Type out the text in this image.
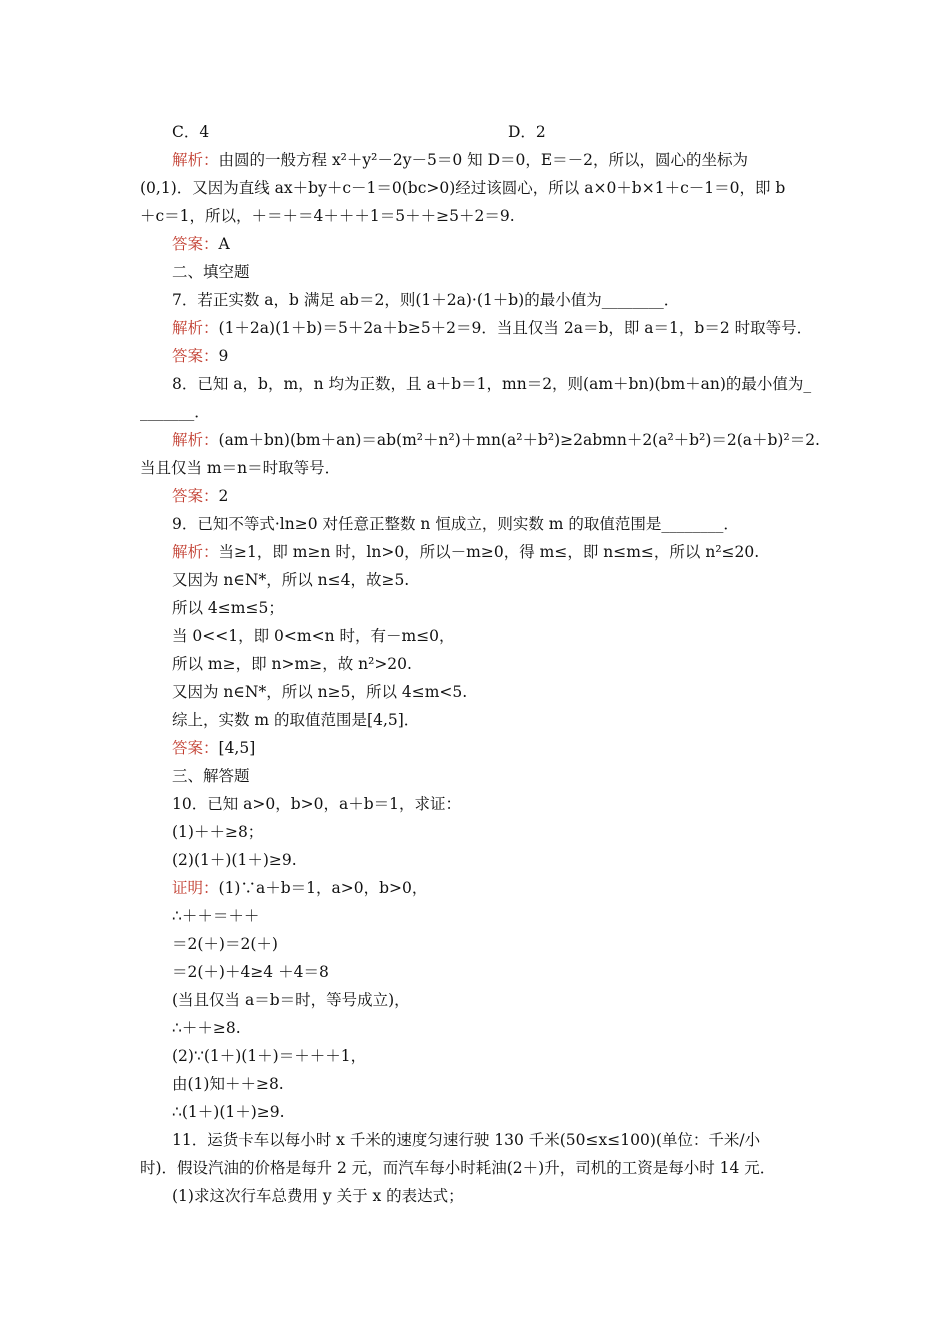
C．4	D．2
解析：由圆的一般方程 x²＋y²－2y－5＝0 知 D＝0，E＝－2，所以，圆心的坐标为
(0,1)．又因为直线 ax＋by＋c－1＝0(bc>0)经过该圆心，所以 a×0＋b×1＋c－1＝0，即 b
＋c＝1，所以，＋＝＋＝4＋＋＋1＝5＋＋≥5＋2＝9.
答案：A
二、填空题
7．若正实数 a，b 满足 ab＝2，则(1＋2a)·(1＋b)的最小值为________．
解析：(1＋2a)(1＋b)＝5＋2a＋b≥5＋2＝9．当且仅当 2a＝b，即 a＝1，b＝2 时取等号．
答案：9
8．已知 a，b，m，n 均为正数，且 a＋b＝1，mn＝2，则(am＋bn)(bm＋an)的最小值为_
_______．
解析：(am＋bn)(bm＋an)＝ab(m²＋n²)＋mn(a²＋b²)≥2abmn＋2(a²＋b²)＝2(a＋b)²＝2.
当且仅当 m＝n＝时取等号．
答案：2
9．已知不等式·ln≥0 对任意正整数 n 恒成立，则实数 m 的取值范围是________．
解析：当≥1，即 m≥n 时，ln>0，所以－m≥0，得 m≤，即 n≤m≤，所以 n²≤20.
又因为 n∈N*，所以 n≤4，故≥5.
所以 4≤m≤5；
当 0<<1，即 0<m<n 时，有－m≤0，
所以 m≥，即 n>m≥，故 n²>20.
又因为 n∈N*，所以 n≥5，所以 4≤m<5.
综上，实数 m 的取值范围是[4,5]．
答案：[4,5]
三、解答题
10．已知 a>0，b>0，a＋b＝1，求证：
(1)＋＋≥8；
(2)(1＋)(1＋)≥9.
证明：(1)∵a＋b＝1，a>0，b>0，
∴＋＋＝＋＋
＝2(＋)＝2(＋)
＝2(＋)＋4≥4 ＋4＝8
(当且仅当 a＝b＝时，等号成立)，
∴＋＋≥8.
(2)∵(1＋)(1＋)＝＋＋＋1，
由(1)知＋＋≥8.
∴(1＋)(1＋)≥9.
11．运货卡车以每小时 x 千米的速度匀速行驶 130 千米(50≤x≤100)(单位：千米/小
时)．假设汽油的价格是每升 2 元，而汽车每小时耗油(2＋)升，司机的工资是每小时 14 元．
(1)求这次行车总费用 y 关于 x 的表达式；
